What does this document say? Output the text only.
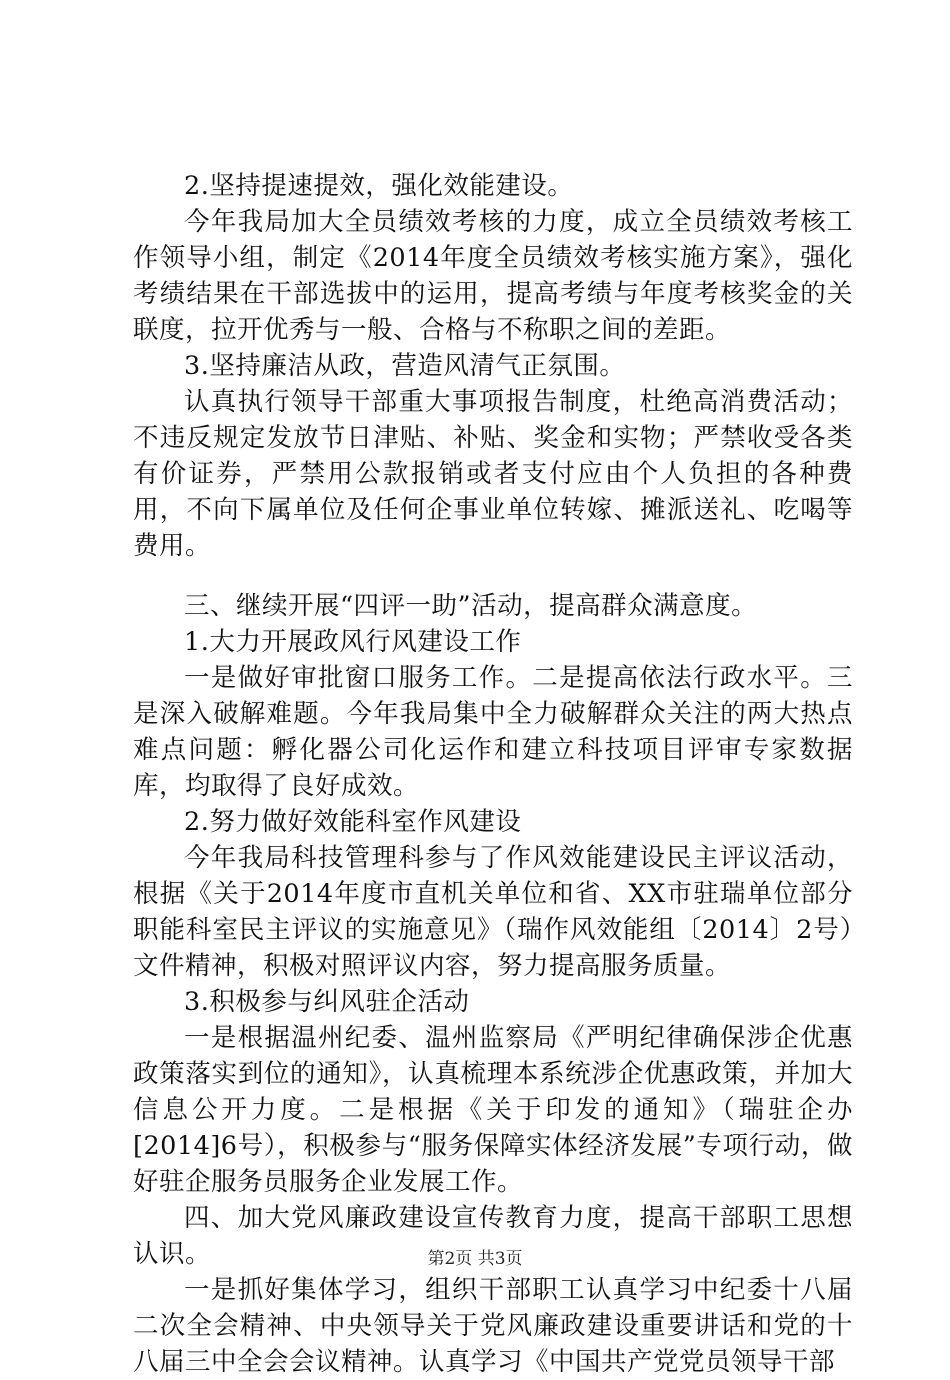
2.坚持提速提效，强化效能建设。

今年我局加大全员绩效考核的力度，成立全员绩效考核工作领导小组，制定《2014年度全员绩效考核实施方案》，强化考绩结果在干部选拔中的运用，提高考绩与年度考核奖金的关联度，拉开优秀与一般、合格与不称职之间的差距。

3.坚持廉洁从政，营造风清气正氛围。

认真执行领导干部重大事项报告制度，杜绝高消费活动；不违反规定发放节日津贴、补贴、奖金和实物；严禁收受各类有价证券，严禁用公款报销或者支付应由个人负担的各种费用，不向下属单位及任何企事业单位转嫁、摊派送礼、吃喝等费用。

三、继续开展“四评一助”活动，提高群众满意度。

1.大力开展政风行风建设工作

一是做好审批窗口服务工作。二是提高依法行政水平。三是深入破解难题。今年我局集中全力破解群众关注的两大热点难点问题：孵化器公司化运作和建立科技项目评审专家数据库，均取得了良好成效。

2.努力做好效能科室作风建设

今年我局科技管理科参与了作风效能建设民主评议活动，根据《关于2014年度市直机关单位和省、XX市驻瑞单位部分职能科室民主评议的实施意见》（瑞作风效能组〔2014〕2号）文件精神，积极对照评议内容，努力提高服务质量。

3.积极参与纠风驻企活动

一是根据温州纪委、温州监察局《严明纪律确保涉企优惠政策落实到位的通知》，认真梳理本系统涉企优惠政策，并加大信息公开力度。二是根据《关于印发的通知》（瑞驻企办[2014]6号），积极参与“服务保障实体经济发展”专项行动，做好驻企服务员服务企业发展工作。

四、加大党风廉政建设宣传教育力度，提高干部职工思想认识。

一是抓好集体学习，组织干部职工认真学习中纪委十八届二次全会精神、中央领导关于党风廉政建设重要讲话和党的十八届三中全会会议精神。认真学习《中国共产党党员领导干部

第2页 共3页
